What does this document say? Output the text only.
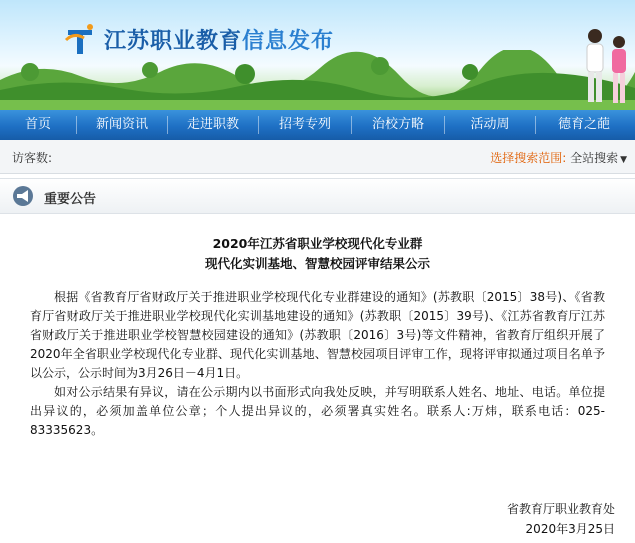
江苏职业教育信息发布
首页	新闻资讯	走进职教	招考专列	治校方略	活动周	德育之葩
访客数:	选择搜索范围: 全站搜索 ▼
重要公告
2020年江苏省职业学校现代化专业群
现代化实训基地、智慧校园评审结果公示
根据《省教育厅省财政厅关于推进职业学校现代化专业群建设的通知》(苏教职〔2015〕38号)、《省教育厅省财政厅关于推进职业学校现代化实训基地建设的通知》(苏教职〔2015〕39号)、《江苏省教育厅江苏省财政厅关于推进职业学校智慧校园建设的通知》(苏教职〔2016〕3号)等文件精神，省教育厅组织开展了2020年全省职业学校现代化专业群、现代化实训基地、智慧校园项目评审工作，现将评审拟通过项目名单予以公示，公示时间为3月26日－4月1日。
如对公示结果有异议，请在公示期内以书面形式向我处反映，并写明联系人姓名、地址、电话。单位提出异议的，必须加盖单位公章；个人提出异议的，必须署真实姓名。联系人:万炜，联系电话：025-83335623。
省教育厅职业教育处
2020年3月25日
